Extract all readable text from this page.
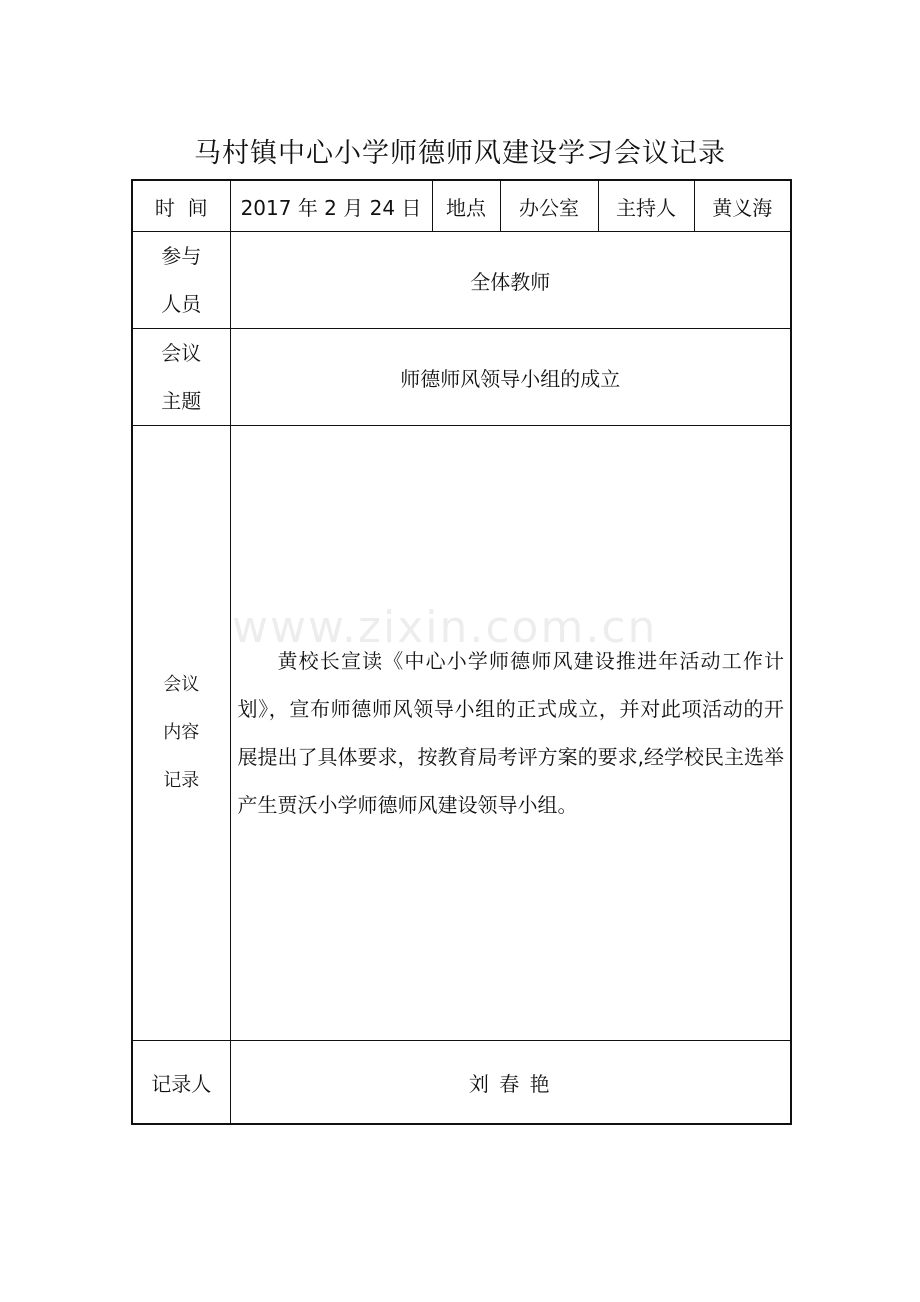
马村镇中心小学师德师风建设学习会议记录
时  间	2017 年 2 月 24 日	地点	办公室	主持人	黄义海

参与
人员	全体教师				

会议
主题	师德师风领导小组的成立				

会议
内容
记录	黄校长宣读《中心小学师德师风建设推进年活动工作计划》，宣布师德师风领导小组的正式成立，并对此项活动的开展提出了具体要求，按教育局考评方案的要求,经学校民主选举产生贾沃小学师德师风建设领导小组。				

记录人	刘 春 艳				
www.zixin.com.cn
